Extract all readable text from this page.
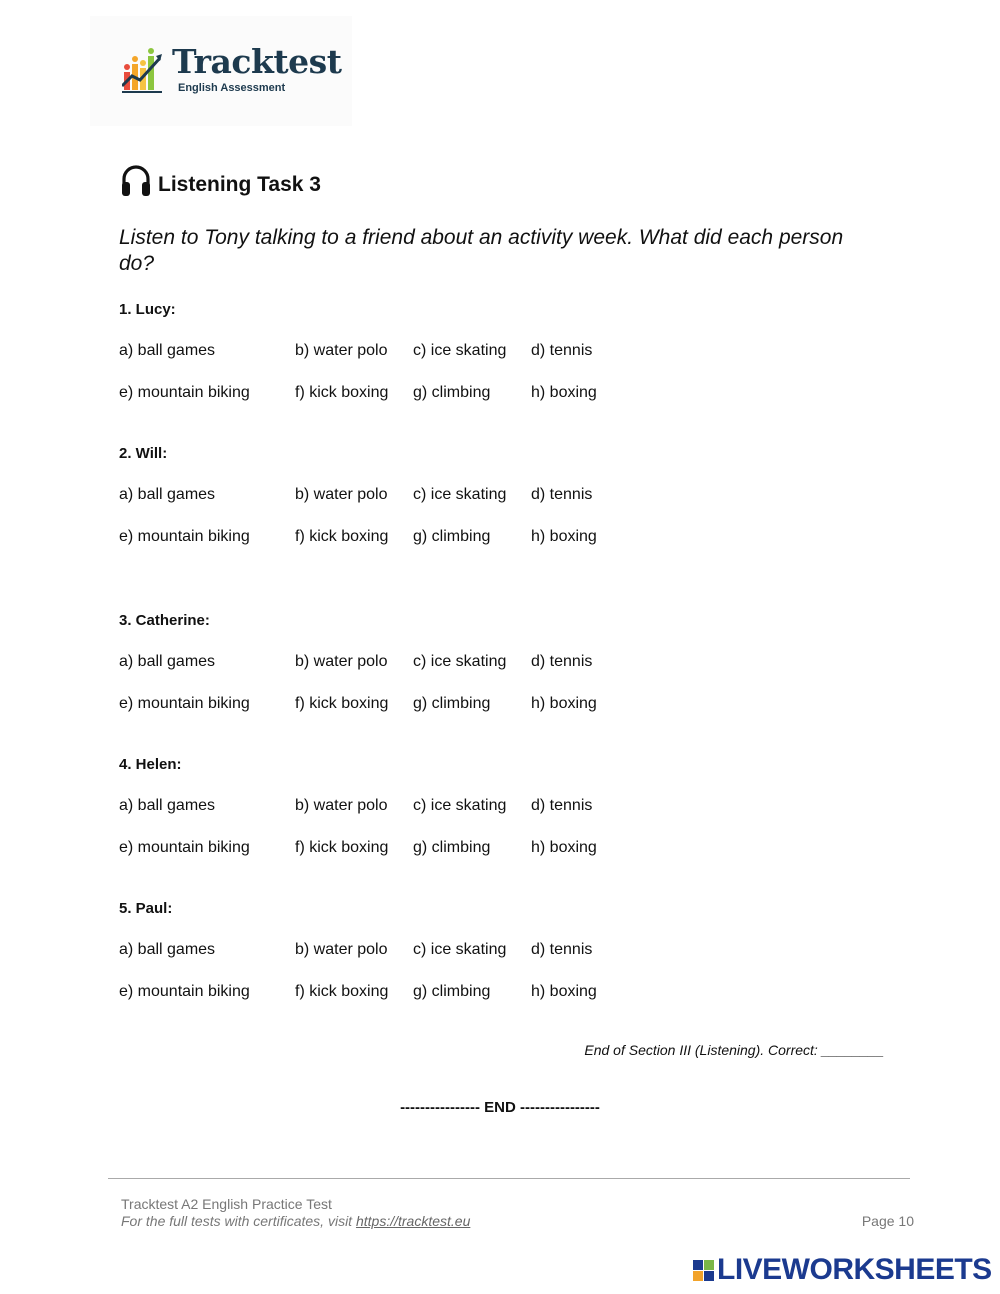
Tracktest
English Assessment
Listening Task 3
Listen to Tony talking to a friend about an activity week. What did each person do?
1. Lucy:
a) ball games	b) water polo c) ice skating d) tennis
e) mountain biking	f) kick boxing g) climbing	h) boxing
2. Will:
a) ball games	b) water polo c) ice skating d) tennis
e) mountain biking	f) kick boxing g) climbing	h) boxing
3. Catherine:
a) ball games	b) water polo c) ice skating d) tennis
e) mountain biking	f) kick boxing g) climbing	h) boxing
4. Helen:
a) ball games	b) water polo c) ice skating d) tennis
e) mountain biking	f) kick boxing g) climbing	h) boxing
5. Paul:
a) ball games	b) water polo c) ice skating d) tennis
e) mountain biking	f) kick boxing g) climbing	h) boxing
End of Section III (Listening). Correct: ________
---------------- END ----------------
Tracktest A2 English Practice Test
For the full tests with certificates, visit https://tracktest.eu	Page 10
LIVEWORKSHEETS
